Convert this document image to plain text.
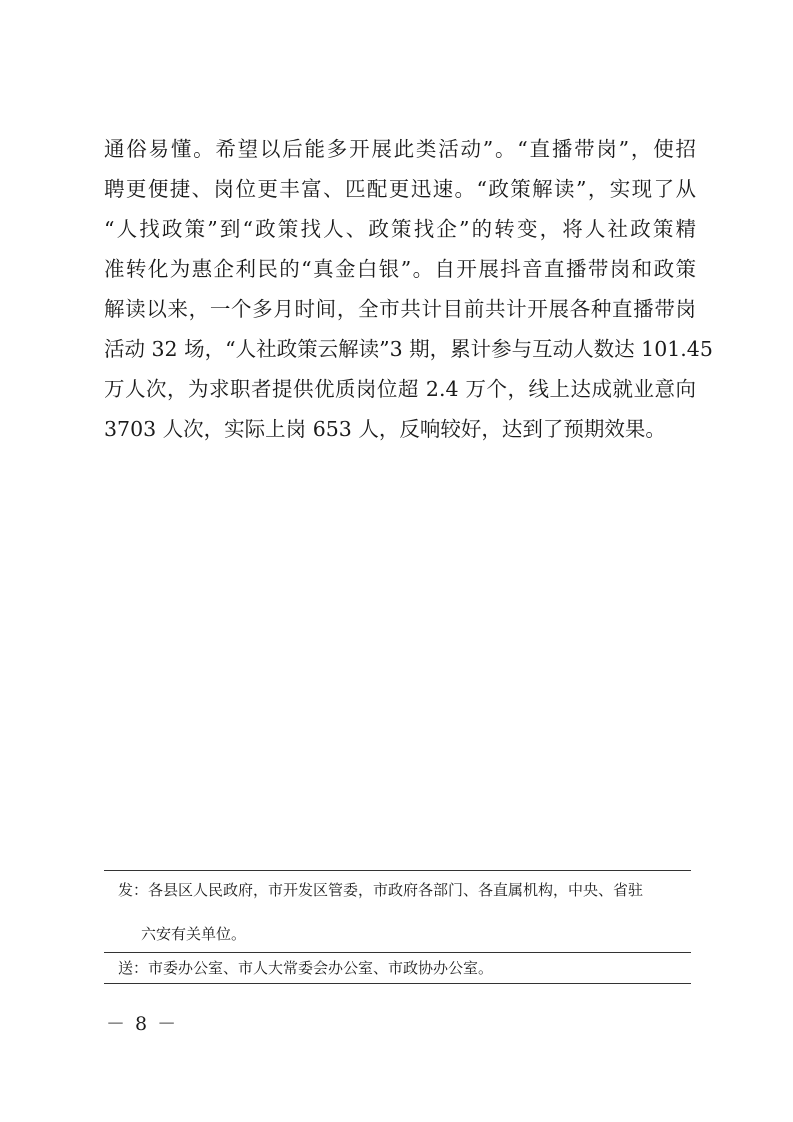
通俗易懂。希望以后能多开展此类活动”。“直播带岗”，使招
聘更便捷、岗位更丰富、匹配更迅速。“政策解读”，实现了从
“人找政策”到“政策找人、政策找企”的转变，将人社政策精
准转化为惠企利民的“真金白银”。自开展抖音直播带岗和政策
解读以来，一个多月时间，全市共计目前共计开展各种直播带岗
活动 32 场，“人社政策云解读”3 期，累计参与互动人数达 101.45
万人次，为求职者提供优质岗位超 2.4 万个，线上达成就业意向
3703 人次，实际上岗 653 人，反响较好，达到了预期效果。
发：各县区人民政府，市开发区管委，市政府各部门、各直属机构，中央、省驻
六安有关单位。
送：市委办公室、市人大常委会办公室、市政协办公室。
－ 8 －
